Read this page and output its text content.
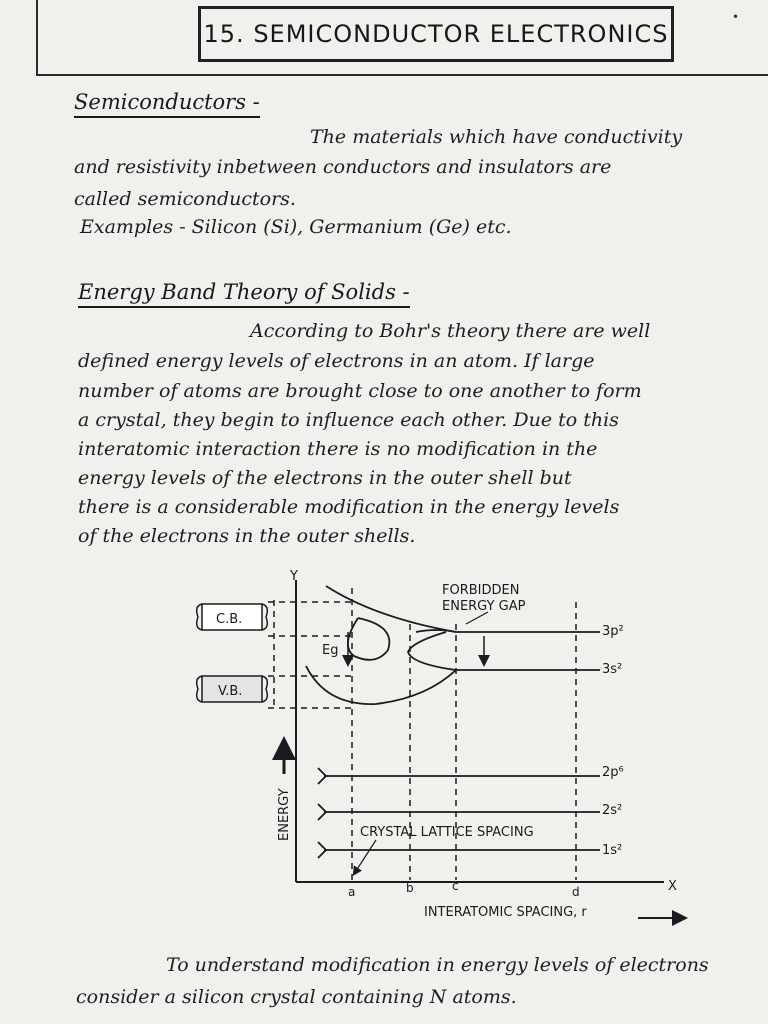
15. SEMICONDUCTOR ELECTRONICS
•
Semiconductors -
The materials which have conductivity
and resistivity inbetween conductors and insulators are
called semiconductors.
Examples - Silicon (Si), Germanium (Ge) etc.
Energy Band Theory of Solids -
According to Bohr's theory there are well
defined energy levels of electrons in an atom. If large
number of atoms are brought close to one another to form
a crystal, they begin to influence each other. Due to this
interatomic interaction there is no modification in the
energy levels of the electrons in the outer shell but
there is a considerable modification in the energy levels
of the electrons in the outer shells.
Y
X
C.B.
V.B.
3p²
3s²
2p⁶
2s²
1s²
Eg
FORBIDDEN
ENERGY GAP
ENERGY	CRYSTAL LATTICE SPACING
a	b	c	d
INTERATOMIC SPACING, r
To understand modification in energy levels of electrons
consider a silicon crystal containing N atoms.
